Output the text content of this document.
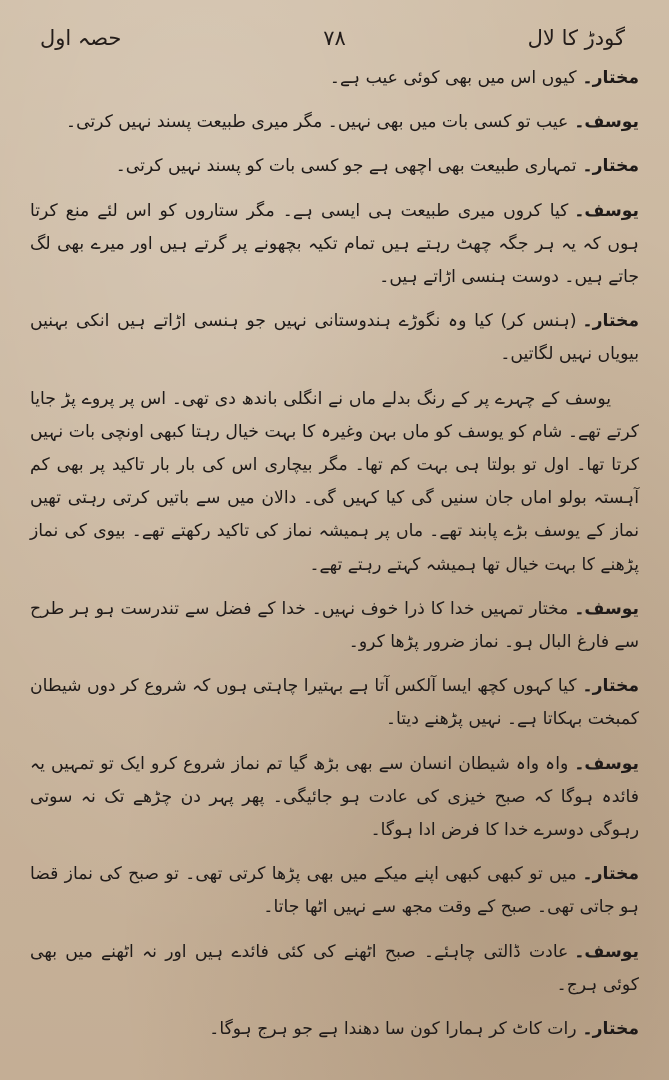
گودڑ کا لال
۷۸
حصہ اول

مختار۔کیوں اس میں بھی کوئی عیب ہے۔

یوسف۔عیب تو کسی بات میں بھی نہیں۔ مگر میری طبیعت پسند نہیں کرتی۔

مختار۔تمہاری طبیعت بھی اچھی ہے جو کسی بات کو پسند نہیں کرتی۔

یوسف۔کیا کروں میری طبیعت ہی ایسی ہے۔ مگر ستاروں کو اس لئے منع کرتا ہوں کہ یہ ہر جگہ چھٹ رہتے ہیں تمام تکیہ بچھونے پر گرتے ہیں اور میرے بھی لگ جاتے ہیں۔ دوست ہنسی اڑاتے ہیں۔

مختار۔(ہنس کر) کیا وہ نگوڑے ہندوستانی نہیں جو ہنسی اڑاتے ہیں انکی بہنیں بیویاں نہیں لگاتیں۔

یوسف کے چہرے پر کے رنگ بدلے ماں نے انگلی باندھ دی تھی۔ اس پر پروے پڑ جایا کرتے تھے۔ شام کو یوسف کو ماں بہن وغیرہ کا بہت خیال رہتا کبھی اونچی بات نہیں کرتا تھا۔ اول تو بولتا ہی بہت کم تھا۔ مگر بیچاری اس کی بار بار تاکید پر بھی کم آہستہ بولو اماں جان سنیں گی کیا کہیں گی۔ دالان میں سے باتیں کرتی رہتی تھیں نماز کے یوسف بڑے پابند تھے۔ ماں پر ہمیشہ نماز کی تاکید رکھتے تھے۔ بیوی کی نماز پڑھنے کا بہت خیال تھا ہمیشہ کہتے رہتے تھے۔

یوسف۔مختار تمہیں خدا کا ذرا خوف نہیں۔ خدا کے فضل سے تندرست ہو ہر طرح سے فارغ البال ہو۔ نماز ضرور پڑھا کرو۔

مختار۔کیا کہوں کچھ ایسا آلکس آتا ہے بہتیرا چاہتی ہوں کہ شروع کر دوں شیطان کمبخت بہکاتا ہے۔ نہیں پڑھنے دیتا۔

یوسف۔واہ واہ شیطان انسان سے بھی بڑھ گیا تم نماز شروع کرو ایک تو تمہیں یہ فائدہ ہوگا کہ صبح خیزی کی عادت ہو جائیگی۔ پھر پہر دن چڑھے تک نہ سوتی رہوگی دوسرے خدا کا فرض ادا ہوگا۔

مختار۔میں تو کبھی کبھی اپنے میکے میں بھی پڑھا کرتی تھی۔ تو صبح کی نماز قضا ہو جاتی تھی۔ صبح کے وقت مجھ سے نہیں اٹھا جاتا۔

یوسف۔عادت ڈالتی چاہئے۔ صبح اٹھنے کی کئی فائدے ہیں اور نہ اٹھنے میں بھی کوئی ہرج۔

مختار۔رات کاٹ کر ہمارا کون سا دھندا ہے جو ہرج ہوگا۔
